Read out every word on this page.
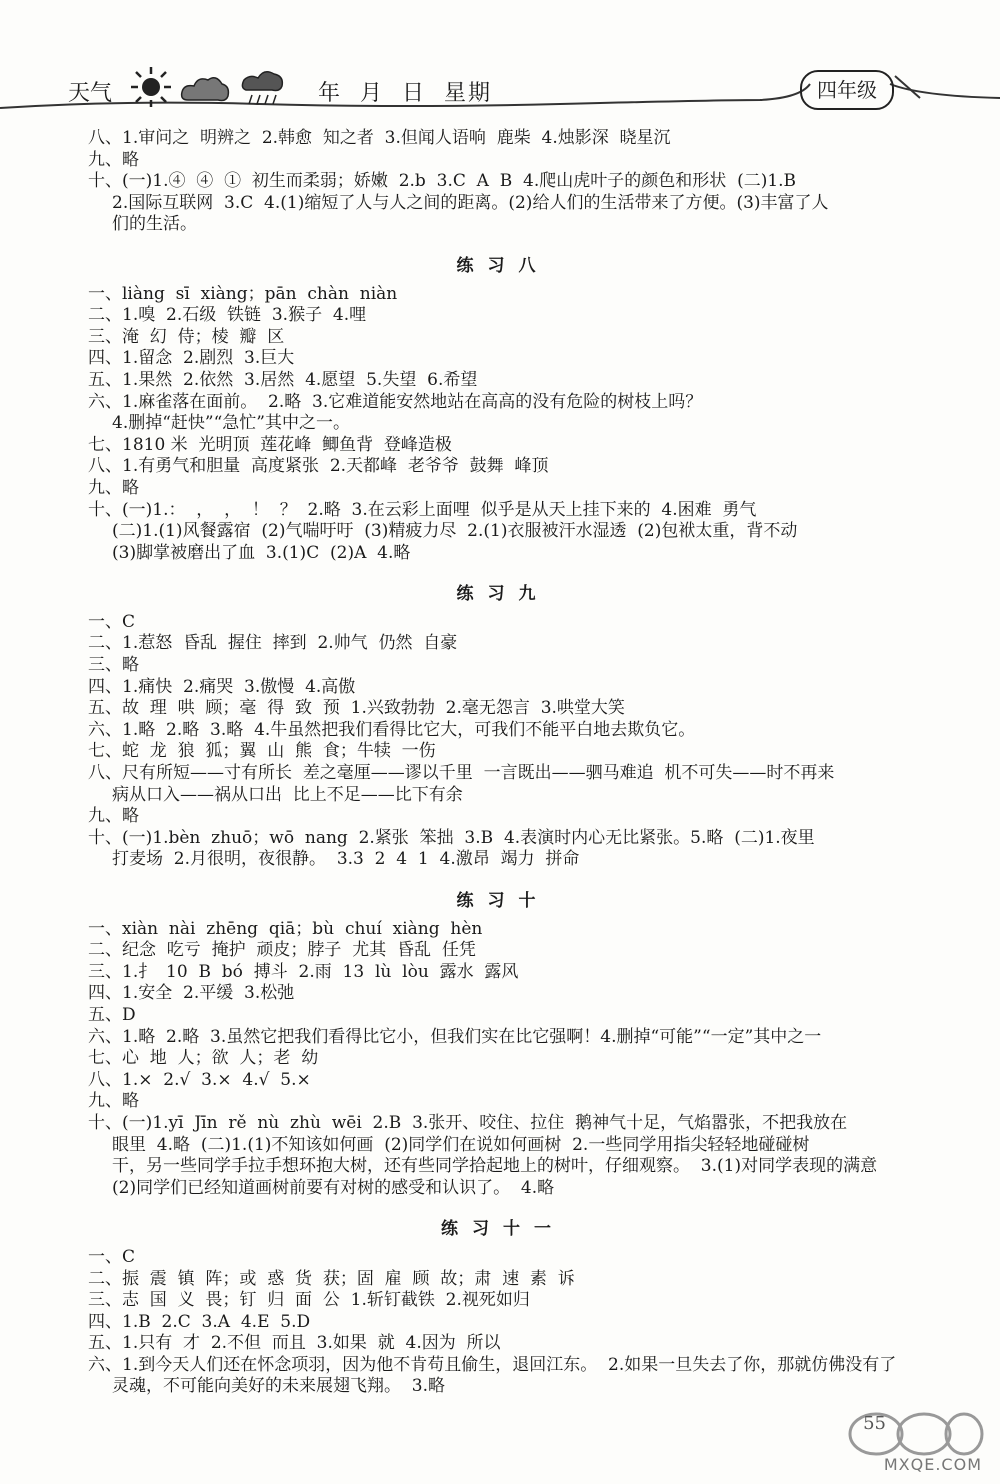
天气	年  月  日  星期	四年级
八、1.审问之  明辨之  2.韩愈  知之者  3.但闻人语响  鹿柴  4.烛影深  晓星沉
九、略
十、(一)1.④  ④  ①  初生而柔弱；娇嫩  2.b  3.C  A  B  4.爬山虎叶子的颜色和形状  (二)1.B
2.国际互联网  3.C  4.(1)缩短了人与人之间的距离。(2)给人们的生活带来了方便。(3)丰富了人
们的生活。
练习八
一、liàng  sī  xiàng；pān  chàn  niàn
二、1.嗅  2.石级  铁链  3.猴子  4.哩
三、淹  幻  侍；棱  瓣  区
四、1.留念  2.剧烈  3.巨大
五、1.果然  2.依然  3.居然  4.愿望  5.失望  6.希望
六、1.麻雀落在面前。  2.略  3.它难道能安然地站在高高的没有危险的树枝上吗？
4.删掉“赶快”“急忙”其中之一。
七、1810 米  光明顶  莲花峰  鲫鱼背  登峰造极
八、1.有勇气和胆量  高度紧张  2.天都峰  老爷爷  鼓舞  峰顶
九、略
十、(一)1.：  ，  ，  ！  ？  2.略  3.在云彩上面哩  似乎是从天上挂下来的  4.困难  勇气
(二)1.(1)风餐露宿  (2)气喘吁吁  (3)精疲力尽  2.(1)衣服被汗水湿透  (2)包袱太重，背不动
(3)脚掌被磨出了血  3.(1)C  (2)A  4.略
练习九
一、C
二、1.惹怒  昏乱  握住  摔到  2.帅气  仍然  自豪
三、略
四、1.痛快  2.痛哭  3.傲慢  4.高傲
五、故  理  哄  顾；毫  得  致  预  1.兴致勃勃  2.毫无怨言  3.哄堂大笑
六、1.略  2.略  3.略  4.牛虽然把我们看得比它大，可我们不能平白地去欺负它。
七、蛇  龙  狼  狐；翼  山  熊  食；牛犊  一伤
八、尺有所短——寸有所长  差之毫厘——谬以千里  一言既出——驷马难追  机不可失——时不再来
病从口入——祸从口出  比上不足——比下有余
九、略
十、(一)1.bèn  zhuō；wō  nang  2.紧张  笨拙  3.B  4.表演时内心无比紧张。5.略  (二)1.夜里
打麦场  2.月很明，夜很静。  3.3  2  4  1  4.激昂  竭力  拼命
练习十
一、xiàn  nài  zhēng  qiā；bù  chuí  xiàng  hèn
二、纪念  吃亏  掩护  顽皮；脖子  尤其  昏乱  任凭
三、1.扌  10  B  bó  搏斗  2.雨  13  lù  lòu  露水  露风
四、1.安全  2.平缓  3.松弛
五、D
六、1.略  2.略  3.虽然它把我们看得比它小，但我们实在比它强啊！4.删掉“可能”“一定”其中之一
七、心  地  人；欲  人；老  幼
八、1.×  2.√  3.×  4.√  5.×
九、略
十、(一)1.yī  Jīn  rě  nù  zhù  wēi  2.B  3.张开、咬住、拉住  鹅神气十足，气焰嚣张，不把我放在
眼里  4.略  (二)1.(1)不知该如何画  (2)同学们在说如何画树  2.一些同学用指尖轻轻地碰碰树
干，另一些同学手拉手想环抱大树，还有些同学拾起地上的树叶，仔细观察。  3.(1)对同学表现的满意
(2)同学们已经知道画树前要有对树的感受和认识了。  4.略
练习十一
一、C
二、振  震  镇  阵；或  惑  货  获；固  雇  顾  故；肃  速  素  诉
三、志  国  义  畏；钉  归  面  公  1.斩钉截铁  2.视死如归
四、1.B  2.C  3.A  4.E  5.D
五、1.只有  才  2.不但  而且  3.如果  就  4.因为  所以
六、1.到今天人们还在怀念项羽，因为他不肯苟且偷生，退回江东。  2.如果一旦失去了你，那就仿佛没有了
灵魂，不可能向美好的未来展翅飞翔。  3.略
MXQE.COM
55
